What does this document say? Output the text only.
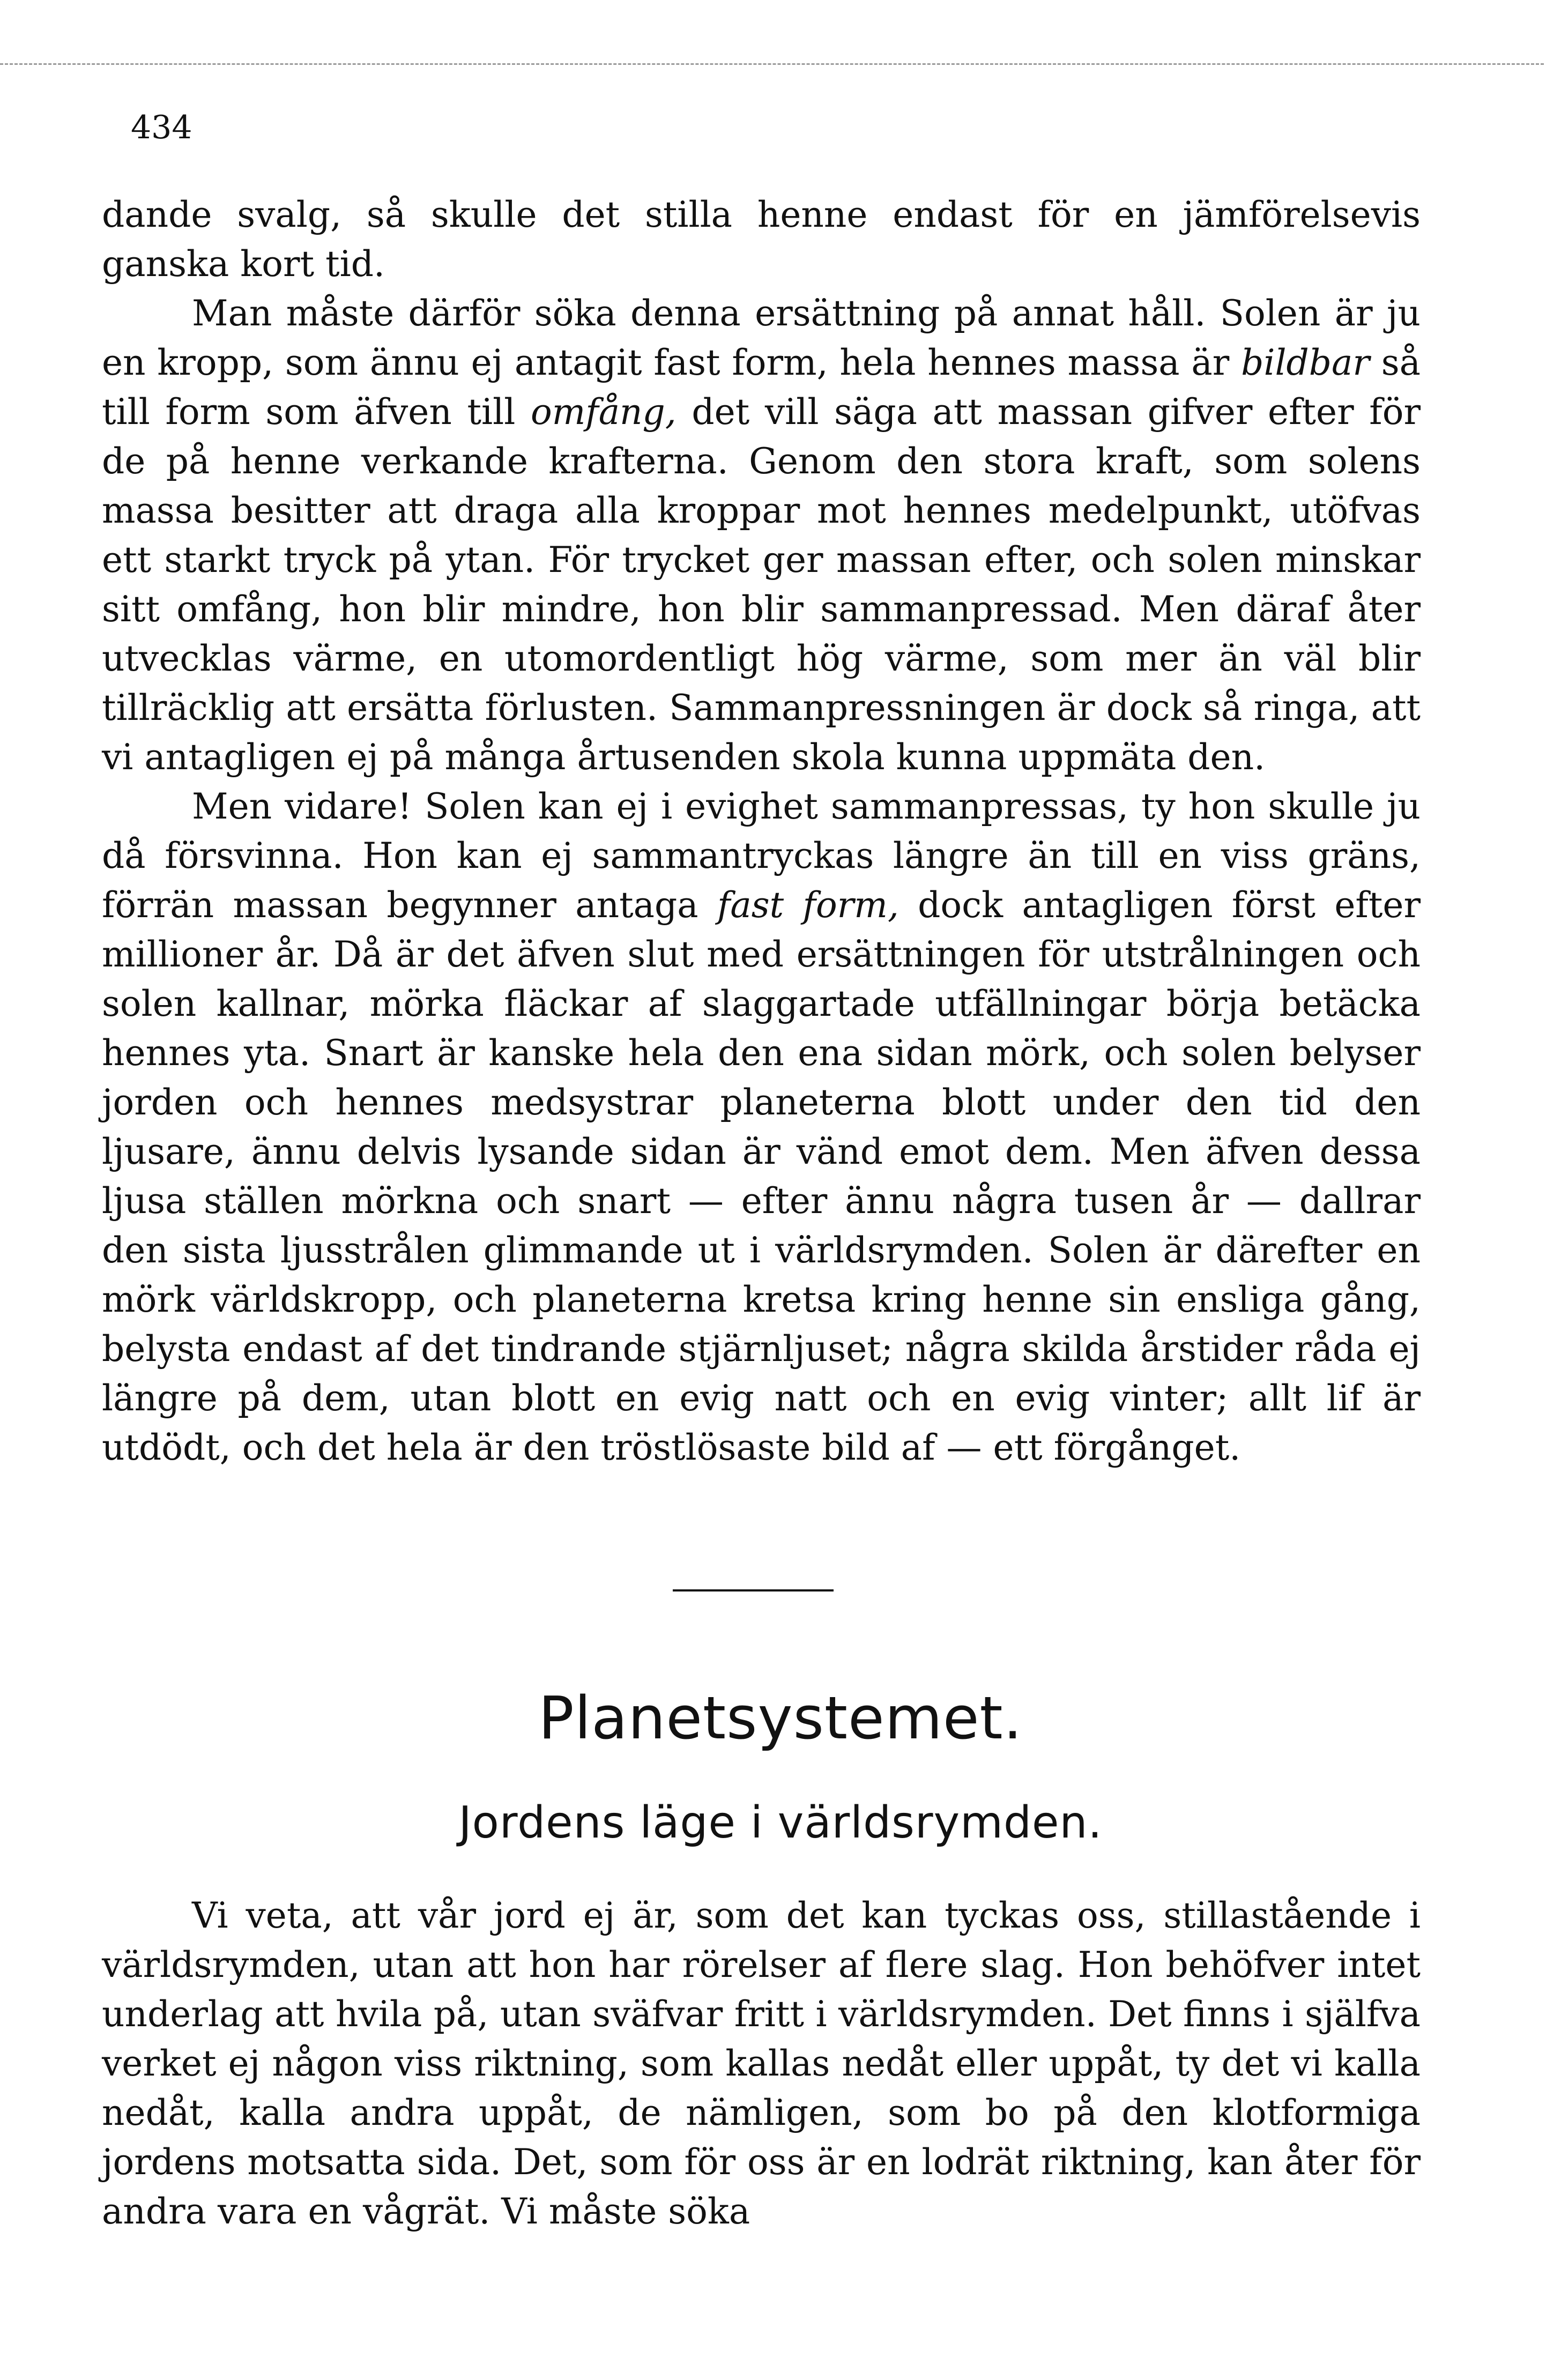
434

dande svalg, så skulle det stilla henne endast för en jämförelsevis ganska kort tid.

Man måste därför söka denna ersättning på annat håll. Solen är ju en kropp, som ännu ej antagit fast form, hela hennes massa är bildbar så till form som äfven till omfång, det vill säga att massan gifver efter för de på henne verkande krafterna. Genom den stora kraft, som solens massa besitter att draga alla kroppar mot hennes medelpunkt, utöfvas ett starkt tryck på ytan. För trycket ger massan efter, och solen minskar sitt omfång, hon blir mindre, hon blir sammanpressad. Men däraf åter utvecklas värme, en utomordentligt hög värme, som mer än väl blir tillräcklig att ersätta förlusten. Sammanpressningen är dock så ringa, att vi antagligen ej på många årtusenden skola kunna uppmäta den.

Men vidare! Solen kan ej i evighet sammanpressas, ty hon skulle ju då försvinna. Hon kan ej sammantryckas längre än till en viss gräns, förrän massan begynner antaga fast form, dock antagligen först efter millioner år. Då är det äfven slut med ersättningen för utstrålningen och solen kallnar, mörka fläckar af slaggartade utfällningar börja betäcka hennes yta. Snart är kanske hela den ena sidan mörk, och solen belyser jorden och hennes medsystrar planeterna blott under den tid den ljusare, ännu delvis lysande sidan är vänd emot dem. Men äfven dessa ljusa ställen mörkna och snart — efter ännu några tusen år — dallrar den sista ljusstrålen glimmande ut i världsrymden. Solen är därefter en mörk världskropp, och planeterna kretsa kring henne sin ensliga gång, belysta endast af det tindrande stjärnljuset; några skilda årstider råda ej längre på dem, utan blott en evig natt och en evig vinter; allt lif är utdödt, och det hela är den tröstlösaste bild af — ett förgånget.

Planetsystemet.
Jordens läge i världsrymden.

Vi veta, att vår jord ej är, som det kan tyckas oss, stillastående i världsrymden, utan att hon har rörelser af flere slag. Hon behöfver intet underlag att hvila på, utan sväfvar fritt i världsrymden. Det finns i själfva verket ej någon viss riktning, som kallas nedåt eller uppåt, ty det vi kalla nedåt, kalla andra uppåt, de nämligen, som bo på den klotformiga jordens motsatta sida. Det, som för oss är en lodrät riktning, kan åter för andra vara en vågrät. Vi måste söka
